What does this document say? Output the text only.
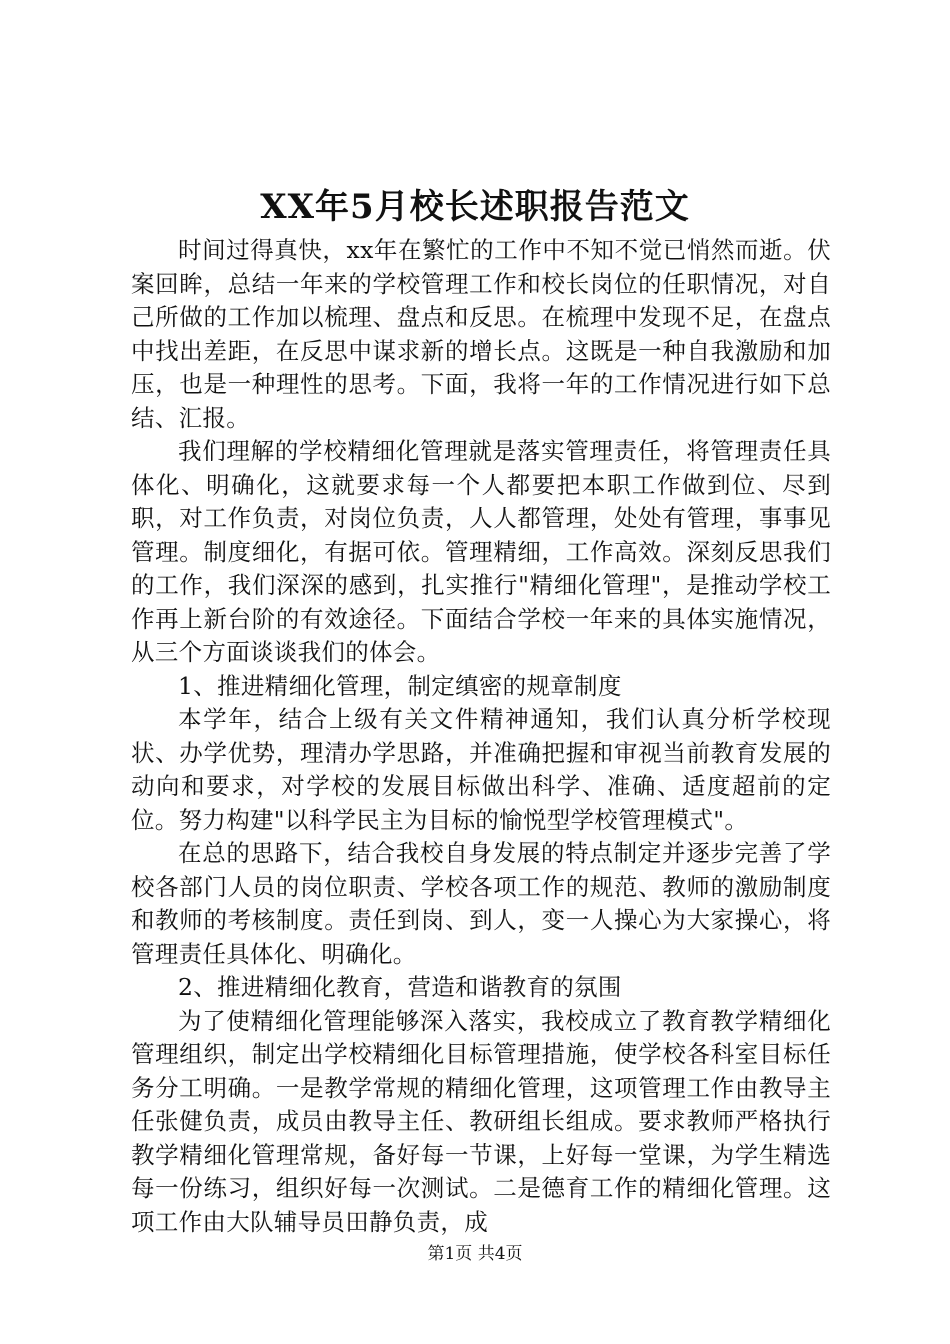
XX年5月校长述职报告范文

时间过得真快，xx年在繁忙的工作中不知不觉已悄然而逝。伏案回眸，总结一年来的学校管理工作和校长岗位的任职情况，对自己所做的工作加以梳理、盘点和反思。在梳理中发现不足，在盘点中找出差距，在反思中谋求新的增长点。这既是一种自我激励和加压，也是一种理性的思考。下面，我将一年的工作情况进行如下总结、汇报。

我们理解的学校精细化管理就是落实管理责任，将管理责任具体化、明确化，这就要求每一个人都要把本职工作做到位、尽到职，对工作负责，对岗位负责，人人都管理，处处有管理，事事见管理。制度细化，有据可依。管理精细，工作高效。深刻反思我们的工作，我们深深的感到，扎实推行"精细化管理"，是推动学校工作再上新台阶的有效途径。下面结合学校一年来的具体实施情况，从三个方面谈谈我们的体会。

1、推进精细化管理，制定缜密的规章制度

本学年，结合上级有关文件精神通知，我们认真分析学校现状、办学优势，理清办学思路，并准确把握和审视当前教育发展的动向和要求，对学校的发展目标做出科学、准确、适度超前的定位。努力构建"以科学民主为目标的愉悦型学校管理模式"。

在总的思路下，结合我校自身发展的特点制定并逐步完善了学校各部门人员的岗位职责、学校各项工作的规范、教师的激励制度和教师的考核制度。责任到岗、到人，变一人操心为大家操心，将管理责任具体化、明确化。

2、推进精细化教育，营造和谐教育的氛围

为了使精细化管理能够深入落实，我校成立了教育教学精细化管理组织，制定出学校精细化目标管理措施，使学校各科室目标任务分工明确。一是教学常规的精细化管理，这项管理工作由教导主任张健负责，成员由教导主任、教研组长组成。要求教师严格执行教学精细化管理常规，备好每一节课，上好每一堂课，为学生精选每一份练习，组织好每一次测试。二是德育工作的精细化管理。这项工作由大队辅导员田静负责，成

第1页 共4页
